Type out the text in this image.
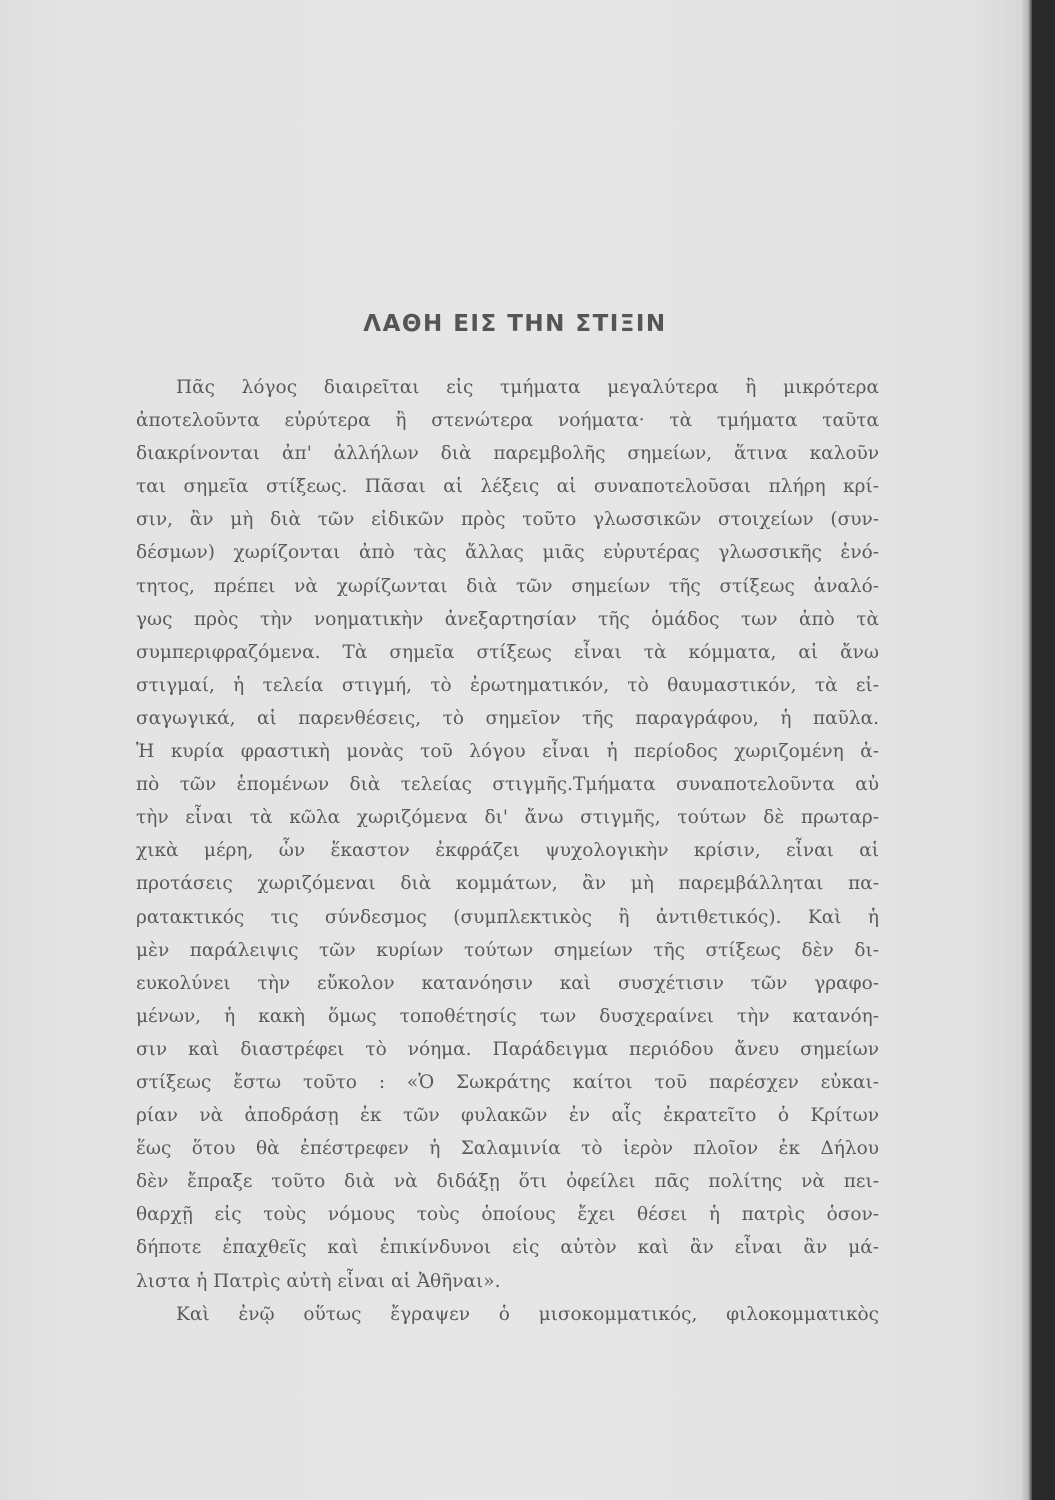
ΛΑΘΗ ΕΙΣ ΤΗΝ ΣΤΙΞΙΝ
Πᾶς λόγος διαιρεῖται εἰς τμήματα μεγαλύτερα ἢ μικρότερα
ἀποτελοῦντα εὐρύτερα ἢ στενώτερα νοήματα· τὰ τμήματα ταῦτα
διακρίνονται ἀπ' ἀλλήλων διὰ παρεμβολῆς σημείων, ἅτινα καλοῦν
ται σημεῖα στίξεως. Πᾶσαι αἱ λέξεις αἱ συναποτελοῦσαι πλήρη κρί-
σιν, ἂν μὴ διὰ τῶν εἰδικῶν πρὸς τοῦτο γλωσσικῶν στοιχείων (συν-
δέσμων) χωρίζονται ἀπὸ τὰς ἄλλας μιᾶς εὐρυτέρας γλωσσικῆς ἑνό-
τητος, πρέπει νὰ χωρίζωνται διὰ τῶν σημείων τῆς στίξεως ἀναλό-
γως πρὸς τὴν νοηματικὴν ἀνεξαρτησίαν τῆς ὁμάδος των ἀπὸ τὰ
συμπεριφραζόμενα. Τὰ σημεῖα στίξεως εἶναι τὰ κόμματα, αἱ ἄνω
στιγμαί, ἡ τελεία στιγμή, τὸ ἐρωτηματικόν, τὸ θαυμαστικόν, τὰ εἰ-
σαγωγικά, αἱ παρενθέσεις, τὸ σημεῖον τῆς παραγράφου, ἡ παῦλα.
Ἡ κυρία φραστικὴ μονὰς τοῦ λόγου εἶναι ἡ περίοδος χωριζομένη ἀ-
πὸ τῶν ἑπομένων διὰ τελείας στιγμῆς.Τμήματα συναποτελοῦντα αὐ
τὴν εἶναι τὰ κῶλα χωριζόμενα δι' ἄνω στιγμῆς, τούτων δὲ πρωταρ-
χικὰ μέρη, ὧν ἕκαστον ἐκφράζει ψυχολογικὴν κρίσιν, εἶναι αἱ
προτάσεις χωριζόμεναι διὰ κομμάτων, ἂν μὴ παρεμβάλληται πα-
ρατακτικός τις σύνδεσμος (συμπλεκτικὸς ἢ ἀντιθετικός). Καὶ ἡ
μὲν παράλειψις τῶν κυρίων τούτων σημείων τῆς στίξεως δὲν δι-
ευκολύνει τὴν εὔκολον κατανόησιν καὶ συσχέτισιν τῶν γραφο-
μένων, ἡ κακὴ ὅμως τοποθέτησίς των δυσχεραίνει τὴν κατανόη-
σιν καὶ διαστρέφει τὸ νόημα. Παράδειγμα περιόδου ἄνευ σημείων
στίξεως ἔστω τοῦτο : «Ὁ Σωκράτης καίτοι τοῦ παρέσχεν εὐκαι-
ρίαν νὰ ἀποδράσῃ ἐκ τῶν φυλακῶν ἐν αἷς ἐκρατεῖτο ὁ Κρίτων
ἕως ὅτου θὰ ἐπέστρεφεν ἡ Σαλαμινία τὸ ἱερὸν πλοῖον ἐκ Δήλου
δὲν ἔπραξε τοῦτο διὰ νὰ διδάξῃ ὅτι ὀφείλει πᾶς πολίτης νὰ πει-
θαρχῇ εἰς τοὺς νόμους τοὺς ὁποίους ἔχει θέσει ἡ πατρὶς ὁσον-
δήποτε ἐπαχθεῖς καὶ ἐπικίνδυνοι εἰς αὐτὸν καὶ ἂν εἶναι ἂν μά-
λιστα ἡ Πατρὶς αὐτὴ εἶναι αἱ Ἀθῆναι».
Καὶ ἐνῷ οὕτως ἔγραψεν ὁ μισοκομματικός, φιλοκομματικὸς
